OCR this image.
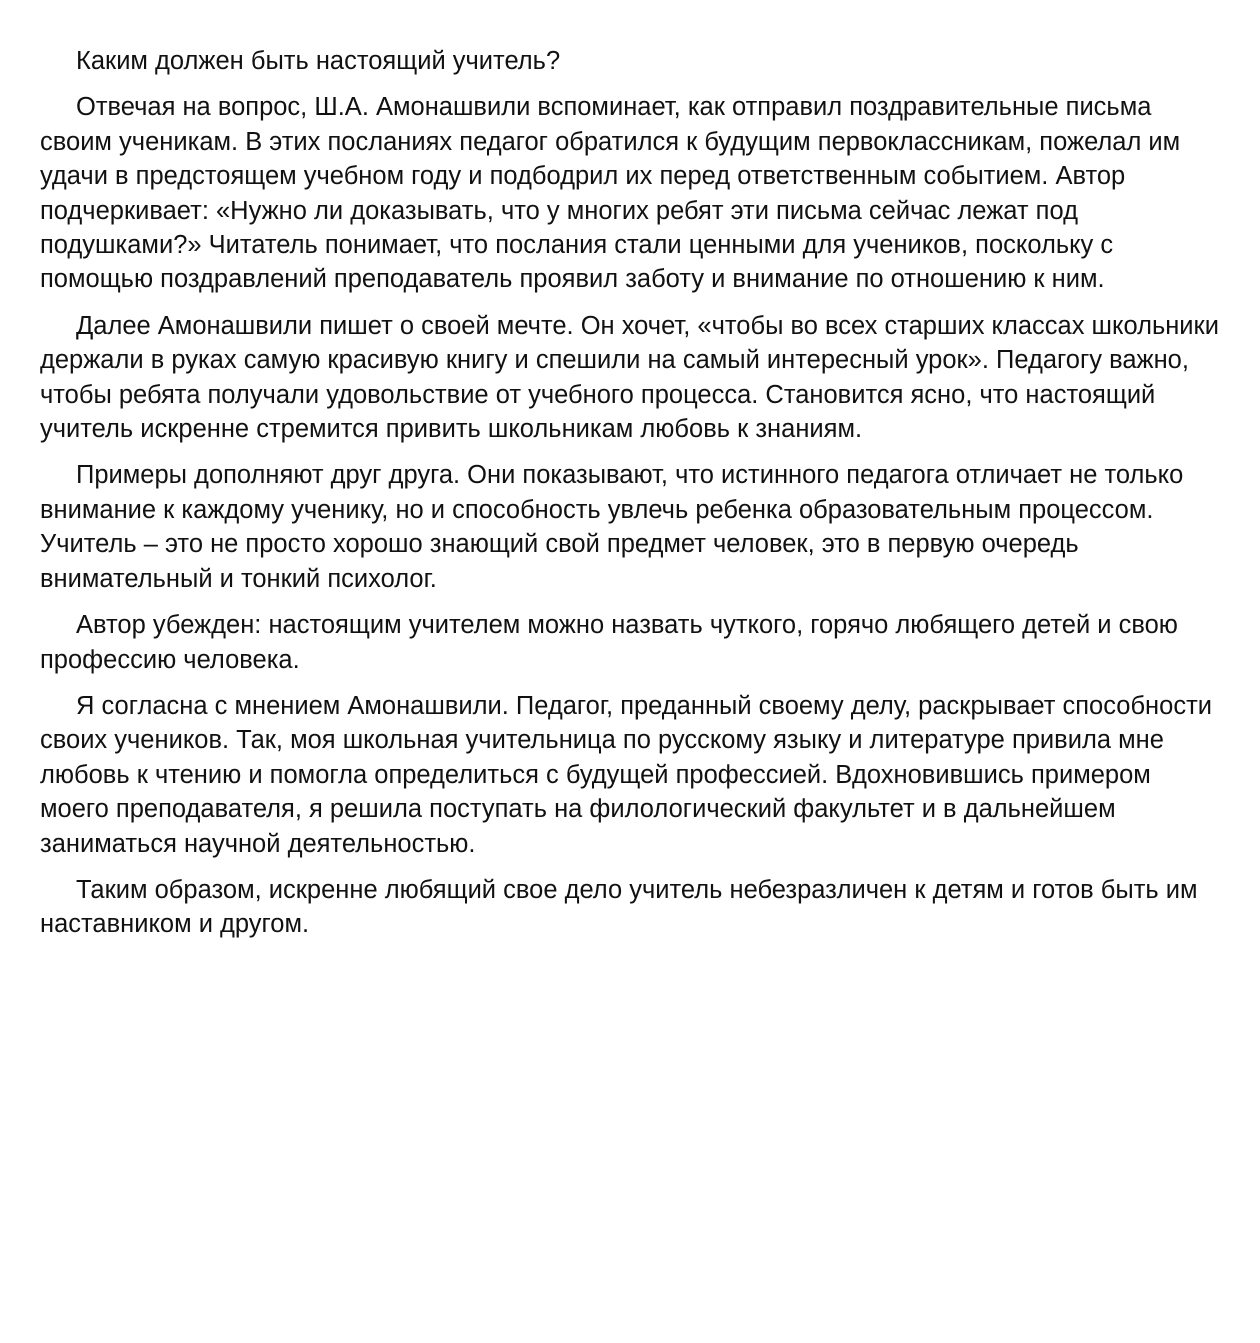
Каким должен быть настоящий учитель?

Отвечая на вопрос, Ш.А. Амонашвили вспоминает, как отправил поздравительные письма своим ученикам. В этих посланиях педагог обратился к будущим первоклассникам, пожелал им удачи в предстоящем учебном году и подбодрил их перед ответственным событием. Автор подчеркивает: «Нужно ли доказывать, что у многих ребят эти письма сейчас лежат под подушками?» Читатель понимает, что послания стали ценными для учеников, поскольку с помощью поздравлений преподаватель проявил заботу и внимание по отношению к ним.

Далее Амонашвили пишет о своей мечте. Он хочет, «чтобы во всех старших классах школьники держали в руках самую красивую книгу и спешили на самый интересный урок». Педагогу важно, чтобы ребята получали удовольствие от учебного процесса. Становится ясно, что настоящий учитель искренне стремится привить школьникам любовь к знаниям.

Примеры дополняют друг друга. Они показывают, что истинного педагога отличает не только внимание к каждому ученику, но и способность увлечь ребенка образовательным процессом. Учитель – это не просто хорошо знающий свой предмет человек, это в первую очередь внимательный и тонкий психолог.

Автор убежден: настоящим учителем можно назвать чуткого, горячо любящего детей и свою профессию человека.

Я согласна с мнением Амонашвили. Педагог, преданный своему делу, раскрывает способности своих учеников. Так, моя школьная учительница по русскому языку и литературе привила мне любовь к чтению и помогла определиться с будущей профессией. Вдохновившись примером моего преподавателя, я решила поступать на филологический факультет и в дальнейшем заниматься научной деятельностью.

Таким образом, искренне любящий свое дело учитель небезразличен к детям и готов быть им наставником и другом.
